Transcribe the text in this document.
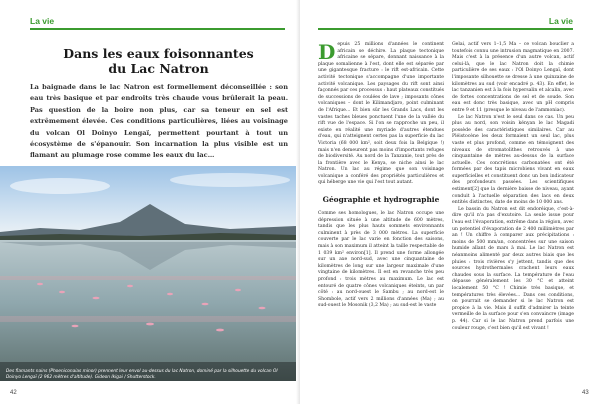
La vie
Dans les eaux foisonnantes
du Lac Natron

La baignade dans le lac Natron est formellement déconseillée : son eau très basique et par endroits très chaude vous brûlerait la peau. Pas question de la boire non plus, car sa teneur en sel est extrêmement élevée. Ces conditions particulières, liées au voisinage du volcan Ol Doinyo Lengaï, permettent pourtant à tout un écosystème de s'épanouir. Son incarnation la plus visible est un flamant au plumage rose comme les eaux du lac…

Des flamants nains (Phoeniconaias minor) prennent leur envol au-dessus du lac Natron, dominé par la silhouette du volcan Ol Doinyo Lengaï (2 962 mètres d'altitude). Gideon Ikigai / Shutterstock.

42
La vie

Depuis 25 millions d'années le continent africain se déchire. La plaque tectonique africaine se sépare, donnant naissance à la plaque somalienne à l'est, dont elle est séparée par une gigantesque fracture : le rift est-africain. Cette activité tectonique s'accompagne d'une importante activité volcanique. Les paysages du rift sont ainsi façonnés par ces processus : haut plateaux constitués de successions de coulées de lave ; imposants cônes volcaniques – dont le Kilimandjaro, point culminant de l'Afrique… Et bien sûr les Grands Lacs, dont les vastes taches bleues ponctuent l'une de la vallée du rift vue de l'espace. Si l'on se rapproche un peu, il existe en réalité une myriade d'autres étendues d'eau, qui n'atteignent certes pas la superficie du lac Victoria (68 000 km², soit deux fois la Belgique !) mais n'en demeurent pas moins d'importants refuges de biodiversité. Au nord de la Tanzanie, tout près de la frontière avec le Kenya, se niche ainsi le lac Natron. Un lac au régime que son voisinage volcanique a conféré des propriétés particulières et qui héberge une vie qui l'est tout autant.

Géographie et hydrographie

Comme ses homologues, le lac Natron occupe une dépression située à une altitude de 600 mètres, tandis que les plus hauts sommets environnants culminent à près de 3 000 mètres. La superficie couverte par le lac varie en fonction des saisons, mais à son maximum il atteint la taille respectable de 1 039 km² environ[1]. Il prend une forme allongée sur un axe nord-sud, avec une cinquantaine de kilomètres de long sur une largeur maximale d'une vingtaine de kilomètres. Il est en revanche très peu profond : trois mètres au maximum. Le lac est entouré de quatre cônes volcaniques éteints, un par côté : au nord-ouest le Sambu ; au nord-est le Shombole, actif vers 2 millions d'années (Ma) ; au sud-ouest le Mosonik (3,2 Ma) ; au sud-est le vaste

Gelai, actif vers 1–1,5 Ma – ce volcan bouclier a toutefois connu une intrusion magmatique en 2007. Mais c'est à la présence d'un autre volcan, actif celui-là, que le lac Natron doit la chimie particulière de ses eaux : l'Ol Doinyo Lengaï, dont l'imposante silhouette se dresse à une quinzaine de kilomètres au sud (voir encadré p. 43). En effet, le lac tanzanien est à la fois hypersalin et alcalin, avec de fortes concentrations de sel et de soude. Son eau est donc très basique, avec un pH compris entre 9 et 11 (presque le niveau de l'ammoniac).

Le lac Natron n'est le seul dans ce cas. Un peu plus au nord, son voisin kényan le lac Magadi possède des caractéristiques similaires. Car au Pléistocène les deux formaient un seul lac, plus vaste et plus profond, comme en témoignent des niveaux de stromatolithes retrouvés à une cinquantaine de mètres au-dessus de la surface actuelle. Ces concrétions carbonatées ont été formées par des tapis microbiens vivant en eaux superficielles et constituent donc un bon indicateur des profondeurs passées. Les scientifiques estiment[2] que la dernière baisse de niveau, ayant conduit à l'actuelle séparation des lacs en deux entités distinctes, date de moins de 10 000 ans.

Le bassin du Natron est dit endoréique, c'est-à-dire qu'il n'a pas d'exutoire. La seule issue pour l'eau est l'évaporation, extrême dans la région, avec un potentiel d'évaporation de 2 400 millimètres par an ! Un chiffre à comparer aux précipitations : moins de 500 mm/an, concentrées sur une saison humide allant de mars à mai. Le lac Natron est néanmoins alimenté par deux autres biais que les pluies : trois rivières s'y jettent, tandis que des sources hydrothermales crachent leurs eaux chaudes sous la surface. La température de l'eau dépasse généralement les 30 °C et atteint localement 50 °C ! Chimie très basique, et températures très élevées… Dans ces conditions, on pourrait se demander si le lac Natron est propice à la vie. Mais il suffit d'admirer la teinte vermeille de la surface pour s'en convaincre (image p. 44). Car si le lac Natron prend parfois une couleur rouge, c'est bien qu'il est vivant !

43
